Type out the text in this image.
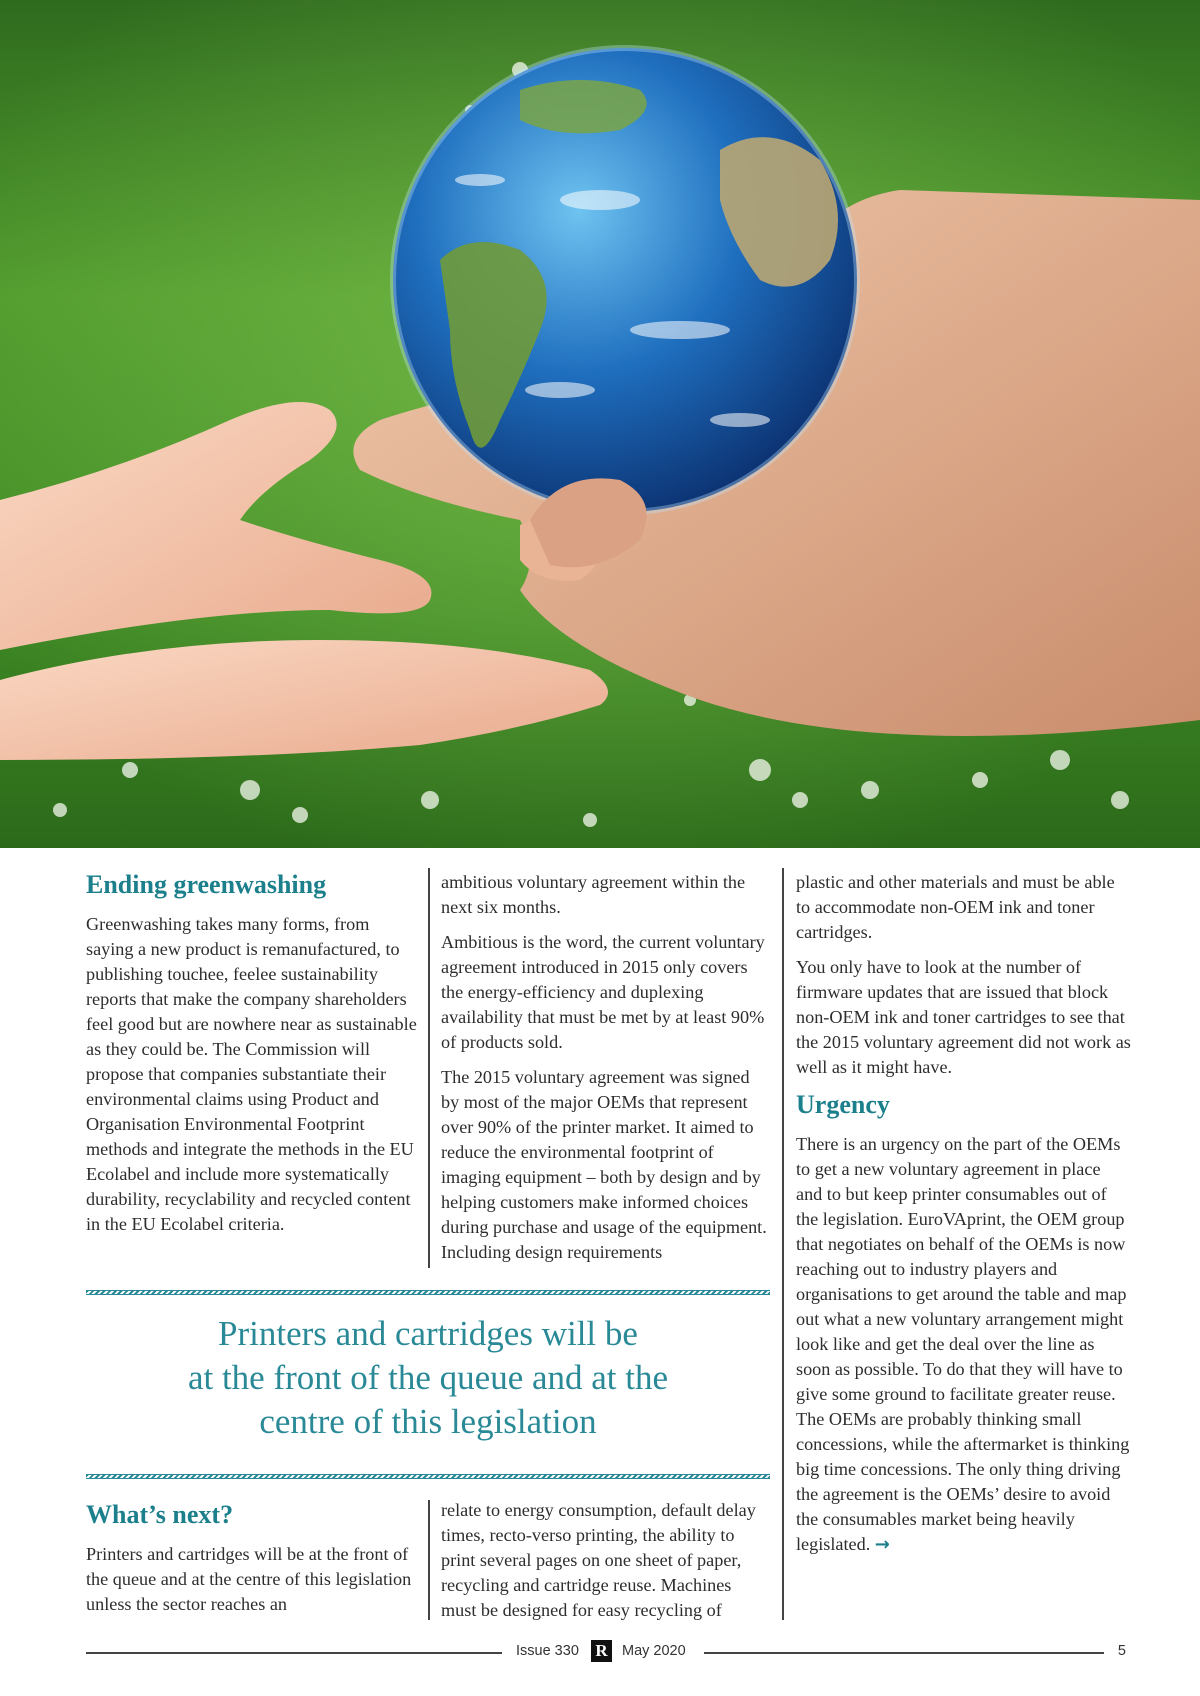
Ending greenwashing

Greenwashing takes many forms, from saying a new product is remanufactured, to publishing touchee, feelee sustainability reports that make the company shareholders feel good but are nowhere near as sustainable as they could be. The Commission will propose that companies substantiate their environmental claims using Product and Organisation Environmental Footprint methods and integrate the methods in the EU Ecolabel and include more systematically durability, recyclability and recycled content in the EU Ecolabel criteria.

What’s next?

Printers and cartridges will be at the front of the queue and at the centre of this legislation unless the sector reaches an

ambitious voluntary agreement within the next six months.

Ambitious is the word, the current voluntary agreement introduced in 2015 only covers the energy-efficiency and duplexing availability that must be met by at least 90% of products sold.

The 2015 voluntary agreement was signed by most of the major OEMs that represent over 90% of the printer market. It aimed to reduce the environmental footprint of imaging equipment – both by design and by helping customers make informed choices during purchase and usage of the equipment. Including design requirements

relate to energy consumption, default delay times, recto-verso printing, the ability to print several pages on one sheet of paper, recycling and cartridge reuse. Machines must be designed for easy recycling of

Printers and cartridges will be
at the front of the queue and at the
centre of this legislation

plastic and other materials and must be able to accommodate non-OEM ink and toner cartridges.

You only have to look at the number of firmware updates that are issued that block non-OEM ink and toner cartridges to see that the 2015 voluntary agreement did not work as well as it might have.

Urgency

There is an urgency on the part of the OEMs to get a new voluntary agreement in place and to but keep printer consumables out of the legislation. EuroVAprint, the OEM group that negotiates on behalf of the OEMs is now reaching out to industry players and organisations to get around the table and map out what a new voluntary arrangement might look like and get the deal over the line as soon as possible. To do that they will have to give some ground to facilitate greater reuse. The OEMs are probably thinking small concessions, while the aftermarket is thinking big time concessions. The only thing driving the agreement is the OEMs’ desire to avoid the consumables market being heavily legislated. →

Issue 330 R May 2020	5
